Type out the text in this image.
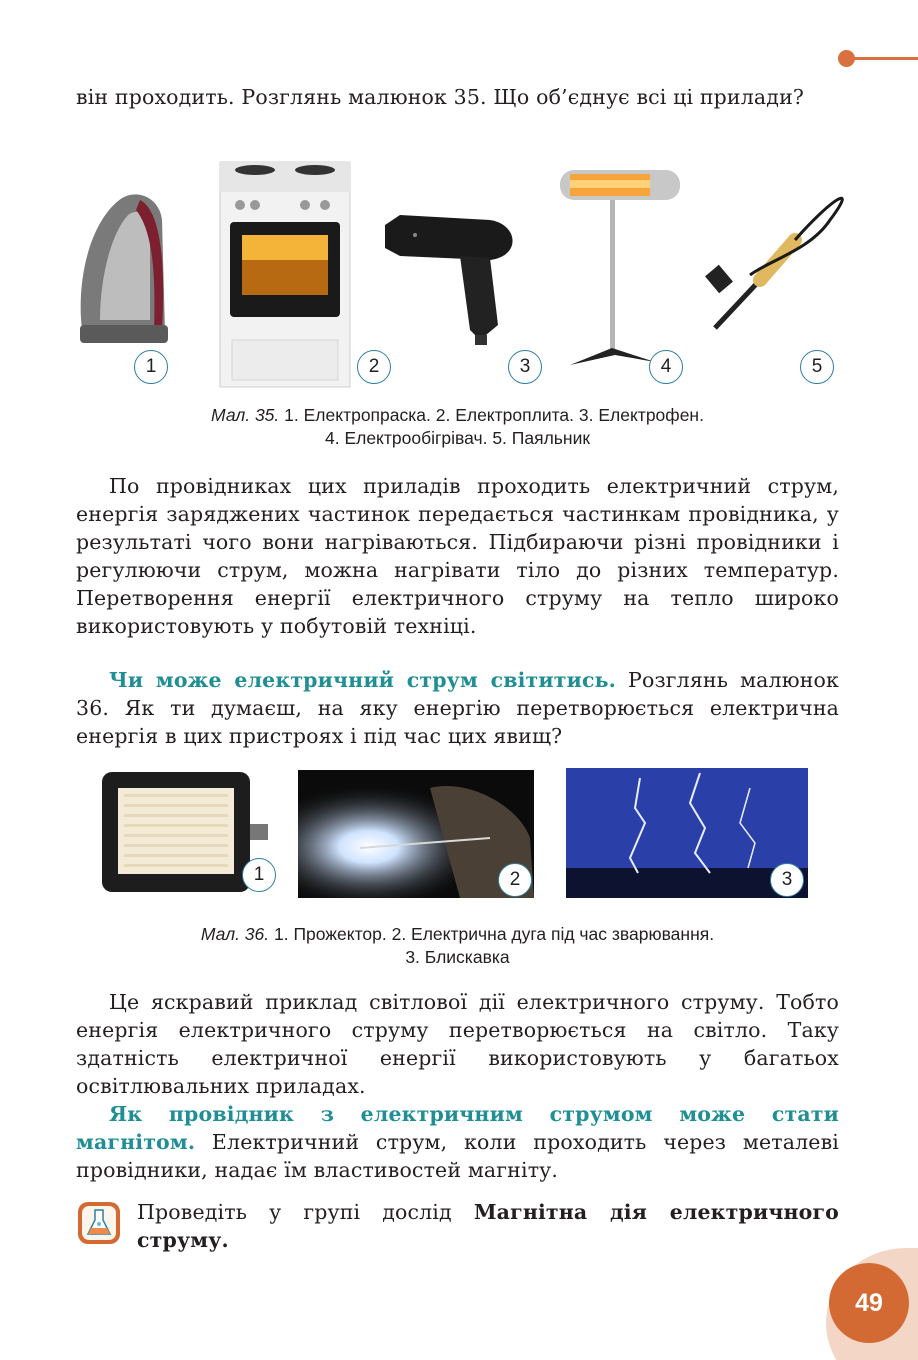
він проходить. Розглянь малюнок 35. Що об’єднує всі ці прилади?

1	2	3	4	5
Мал. 35. 1. Електропраска. 2. Електроплита. 3. Електрофен.
4. Електрообігрівач. 5. Паяльник

По провідниках цих приладів проходить електричний струм, енергія заряджених частинок передається частинкам провідника, у результаті чого вони нагріваються. Підбираючи різні провідники і регулюючи струм, можна нагрівати тіло до різних температур. Перетворення енергії електричного струму на тепло широко використовують у побутовій техніці.

Чи може електричний струм світитись. Розглянь малюнок 36. Як ти думаєш, на яку енергію перетворюється електрична енергія в цих пристроях і під час цих явищ?

1	2	3
Мал. 36. 1. Прожектор. 2. Електрична дуга під час зварювання.
3. Блискавка

Це яскравий приклад світлової дії електричного струму. Тобто енергія електричного струму перетворюється на світло. Таку здатність електричної енергії використовують у багатьох освітлювальних приладах.

Як провідник з електричним струмом може стати магнітом. Електричний струм, коли проходить через металеві провідники, надає їм властивостей магніту.

Проведіть у групі дослід Магнітна дія електричного струму.

49
